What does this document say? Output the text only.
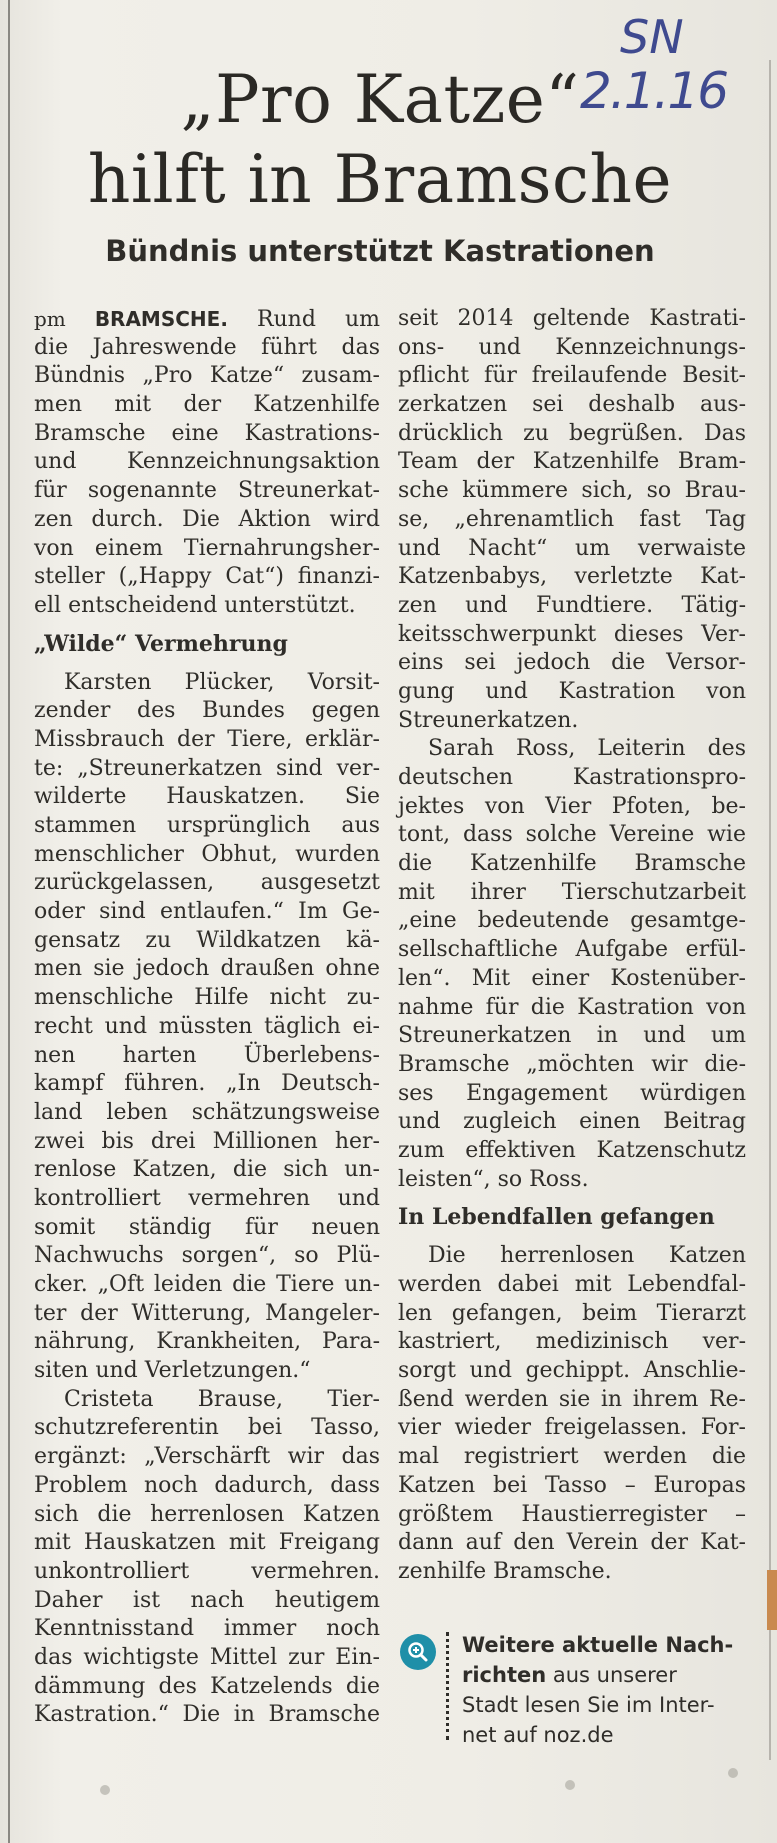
SN
2.1.16
„Pro Katze“
hilft in Bramsche
Bündnis unterstützt Kastrationen
pm BRAMSCHE. Rund um
die Jahreswende führt das
Bündnis „Pro Katze“ zusam-
men mit der Katzenhilfe
Bramsche eine Kastrations-
und Kennzeichnungsaktion
für sogenannte Streunerkat-
zen durch. Die Aktion wird
von einem Tiernahrungsher-
steller („Happy Cat“) finanzi-
ell entscheidend unterstützt.
„Wilde“ Vermehrung
Karsten Plücker, Vorsit-
zender des Bundes gegen
Missbrauch der Tiere, erklär-
te: „Streunerkatzen sind ver-
wilderte Hauskatzen. Sie
stammen ursprünglich aus
menschlicher Obhut, wurden
zurückgelassen, ausgesetzt
oder sind entlaufen.“ Im Ge-
gensatz zu Wildkatzen kä-
men sie jedoch draußen ohne
menschliche Hilfe nicht zu-
recht und müssten täglich ei-
nen harten Überlebens-
kampf führen. „In Deutsch-
land leben schätzungsweise
zwei bis drei Millionen her-
renlose Katzen, die sich un-
kontrolliert vermehren und
somit ständig für neuen
Nachwuchs sorgen“, so Plü-
cker. „Oft leiden die Tiere un-
ter der Witterung, Mangeler-
nährung, Krankheiten, Para-
siten und Verletzungen.“
Cristeta Brause, Tier-
schutzreferentin bei Tasso,
ergänzt: „Verschärft wir das
Problem noch dadurch, dass
sich die herrenlosen Katzen
mit Hauskatzen mit Freigang
unkontrolliert vermehren.
Daher ist nach heutigem
Kenntnisstand immer noch
das wichtigste Mittel zur Ein-
dämmung des Katzelends die
Kastration.“ Die in Bramsche
seit 2014 geltende Kastrati-
ons- und Kennzeichnungs-
pflicht für freilaufende Besit-
zerkatzen sei deshalb aus-
drücklich zu begrüßen. Das
Team der Katzenhilfe Bram-
sche kümmere sich, so Brau-
se, „ehrenamtlich fast Tag
und Nacht“ um verwaiste
Katzenbabys, verletzte Kat-
zen und Fundtiere. Tätig-
keitsschwerpunkt dieses Ver-
eins sei jedoch die Versor-
gung und Kastration von
Streunerkatzen.
Sarah Ross, Leiterin des
deutschen Kastrationspro-
jektes von Vier Pfoten, be-
tont, dass solche Vereine wie
die Katzenhilfe Bramsche
mit ihrer Tierschutzarbeit
„eine bedeutende gesamtge-
sellschaftliche Aufgabe erfül-
len“. Mit einer Kostenüber-
nahme für die Kastration von
Streunerkatzen in und um
Bramsche „möchten wir die-
ses Engagement würdigen
und zugleich einen Beitrag
zum effektiven Katzenschutz
leisten“, so Ross.
In Lebendfallen gefangen
Die herrenlosen Katzen
werden dabei mit Lebendfal-
len gefangen, beim Tierarzt
kastriert, medizinisch ver-
sorgt und gechippt. Anschlie-
ßend werden sie in ihrem Re-
vier wieder freigelassen. For-
mal registriert werden die
Katzen bei Tasso – Europas
größtem Haustierregister –
dann auf den Verein der Kat-
zenhilfe Bramsche.
Weitere aktuelle Nach-
richten aus unserer
Stadt lesen Sie im Inter-
net auf noz.de
